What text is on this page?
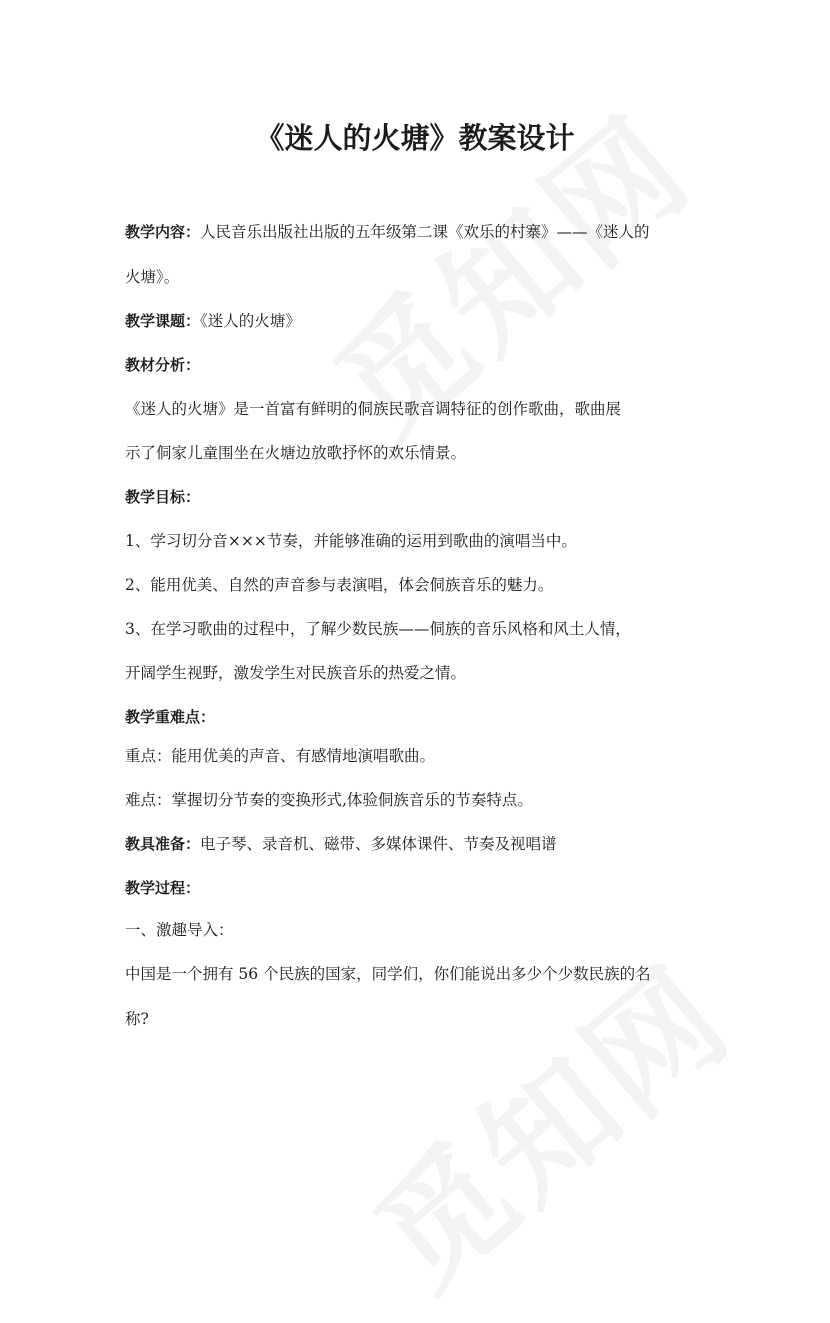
《迷人的火塘》教案设计
教学内容：人民音乐出版社出版的五年级第二课《欢乐的村寨》——《迷人的
火塘》。
教学课题：《迷人的火塘》
教材分析：
《迷人的火塘》是一首富有鲜明的侗族民歌音调特征的创作歌曲，歌曲展
示了侗家儿童围坐在火塘边放歌抒怀的欢乐情景。
教学目标：
1、学习切分音×××节奏，并能够准确的运用到歌曲的演唱当中。
2、能用优美、自然的声音参与表演唱，体会侗族音乐的魅力。
3、在学习歌曲的过程中，了解少数民族——侗族的音乐风格和风土人情，
开阔学生视野，激发学生对民族音乐的热爱之情。
教学重难点：
重点：能用优美的声音、有感情地演唱歌曲。
难点：掌握切分节奏的变换形式,体验侗族音乐的节奏特点。
教具准备：电子琴、录音机、磁带、多媒体课件、节奏及视唱谱
教学过程：
一、激趣导入：
中国是一个拥有 56 个民族的国家，同学们，你们能说出多少个少数民族的名
称?
